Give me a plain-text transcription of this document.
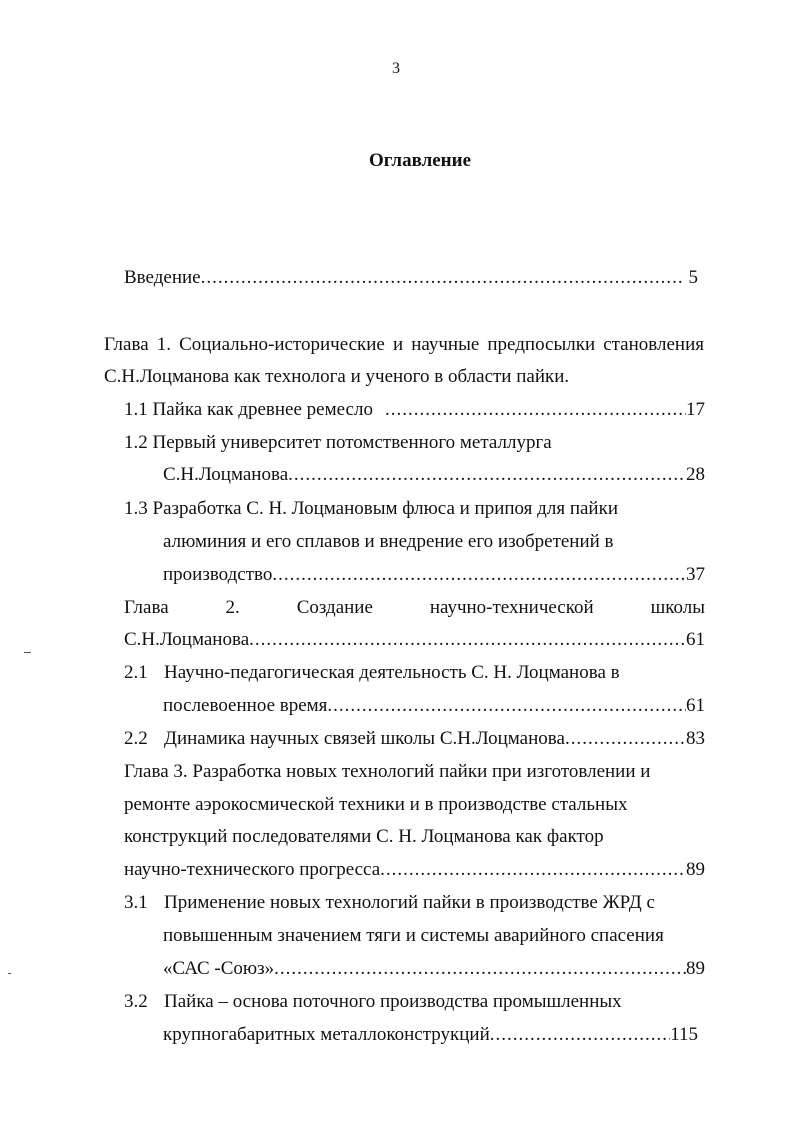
3
Оглавление
Введение .....	5
Глава 1. Социально-исторические и научные предпосылки становления
С.Н.Лоцманова как технолога и ученого в области пайки.
1.1 Пайка как древнее ремесло .....	17
1.2 Первый университет потомственного металлурга
С.Н.Лоцманова .....	28
1.3 Разработка С. Н. Лоцмановым флюса и припоя для пайки
алюминия и его сплавов и внедрение его изобретений в
производство .....	37
Глава	2.	Создание	научно-технической	школы
С.Н.Лоцманова .....	61
2.1 Научно-педагогическая деятельность С. Н. Лоцманова в
послевоенное время .....	61
2.2 Динамика научных связей школы С.Н.Лоцманова .....	83
Глава 3. Разработка новых технологий пайки при изготовлении и
ремонте аэрокосмической техники и в производстве стальных
конструкций последователями С. Н. Лоцманова как фактор
научно-технического прогресса .....	89
3.1 Применение новых технологий пайки в производстве ЖРД с
повышенным значением тяги и системы аварийного спасения
«САС -Союз» .....	89
3.2 Пайка – основа поточного производства промышленных
крупногабаритных металлоконструкций .....	115
